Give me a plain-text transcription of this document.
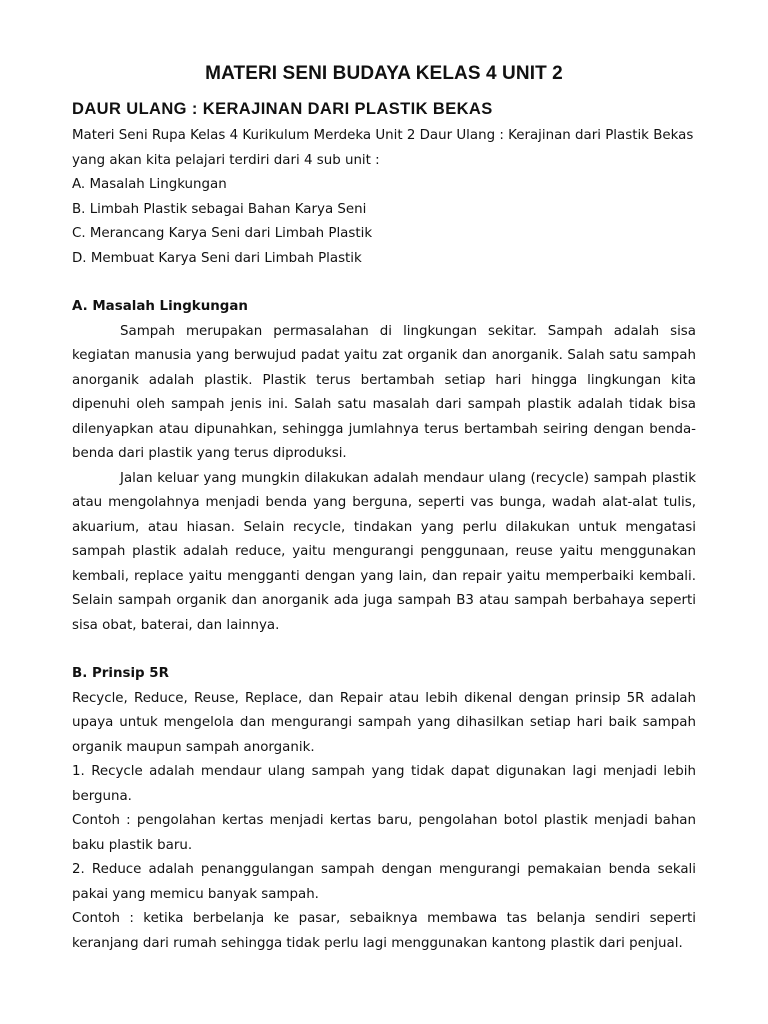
MATERI SENI BUDAYA KELAS 4 UNIT 2
DAUR ULANG : KERAJINAN DARI PLASTIK BEKAS

Materi Seni Rupa Kelas 4 Kurikulum Merdeka Unit 2 Daur Ulang : Kerajinan dari Plastik Bekas yang akan kita pelajari terdiri dari 4 sub unit :

A. Masalah Lingkungan
B. Limbah Plastik sebagai Bahan Karya Seni
C. Merancang Karya Seni dari Limbah Plastik
D. Membuat Karya Seni dari Limbah Plastik
A. Masalah Lingkungan

Sampah merupakan permasalahan di lingkungan sekitar. Sampah adalah sisa kegiatan manusia yang berwujud padat yaitu zat organik dan anorganik. Salah satu sampah anorganik adalah plastik. Plastik terus bertambah setiap hari hingga lingkungan kita dipenuhi oleh sampah jenis ini. Salah satu masalah dari sampah plastik adalah tidak bisa dilenyapkan atau dipunahkan, sehingga jumlahnya terus bertambah seiring dengan benda-benda dari plastik yang terus diproduksi.

Jalan keluar yang mungkin dilakukan adalah mendaur ulang (recycle) sampah plastik atau mengolahnya menjadi benda yang berguna, seperti vas bunga, wadah alat-alat tulis, akuarium, atau hiasan. Selain recycle, tindakan yang perlu dilakukan untuk mengatasi sampah plastik adalah reduce, yaitu mengurangi penggunaan, reuse yaitu menggunakan kembali, replace yaitu mengganti dengan yang lain, dan repair yaitu memperbaiki kembali. Selain sampah organik dan anorganik ada juga sampah B3 atau sampah berbahaya seperti sisa obat, baterai, dan lainnya.

B. Prinsip 5R

Recycle, Reduce, Reuse, Replace, dan Repair atau lebih dikenal dengan prinsip 5R adalah upaya untuk mengelola dan mengurangi sampah yang dihasilkan setiap hari baik sampah organik maupun sampah anorganik.

1. Recycle adalah mendaur ulang sampah yang tidak dapat digunakan lagi menjadi lebih berguna.

Contoh : pengolahan kertas menjadi kertas baru, pengolahan botol plastik menjadi bahan baku plastik baru.

2. Reduce adalah penanggulangan sampah dengan mengurangi pemakaian benda sekali pakai yang memicu banyak sampah.

Contoh : ketika berbelanja ke pasar, sebaiknya membawa tas belanja sendiri seperti keranjang dari rumah sehingga tidak perlu lagi menggunakan kantong plastik dari penjual.
